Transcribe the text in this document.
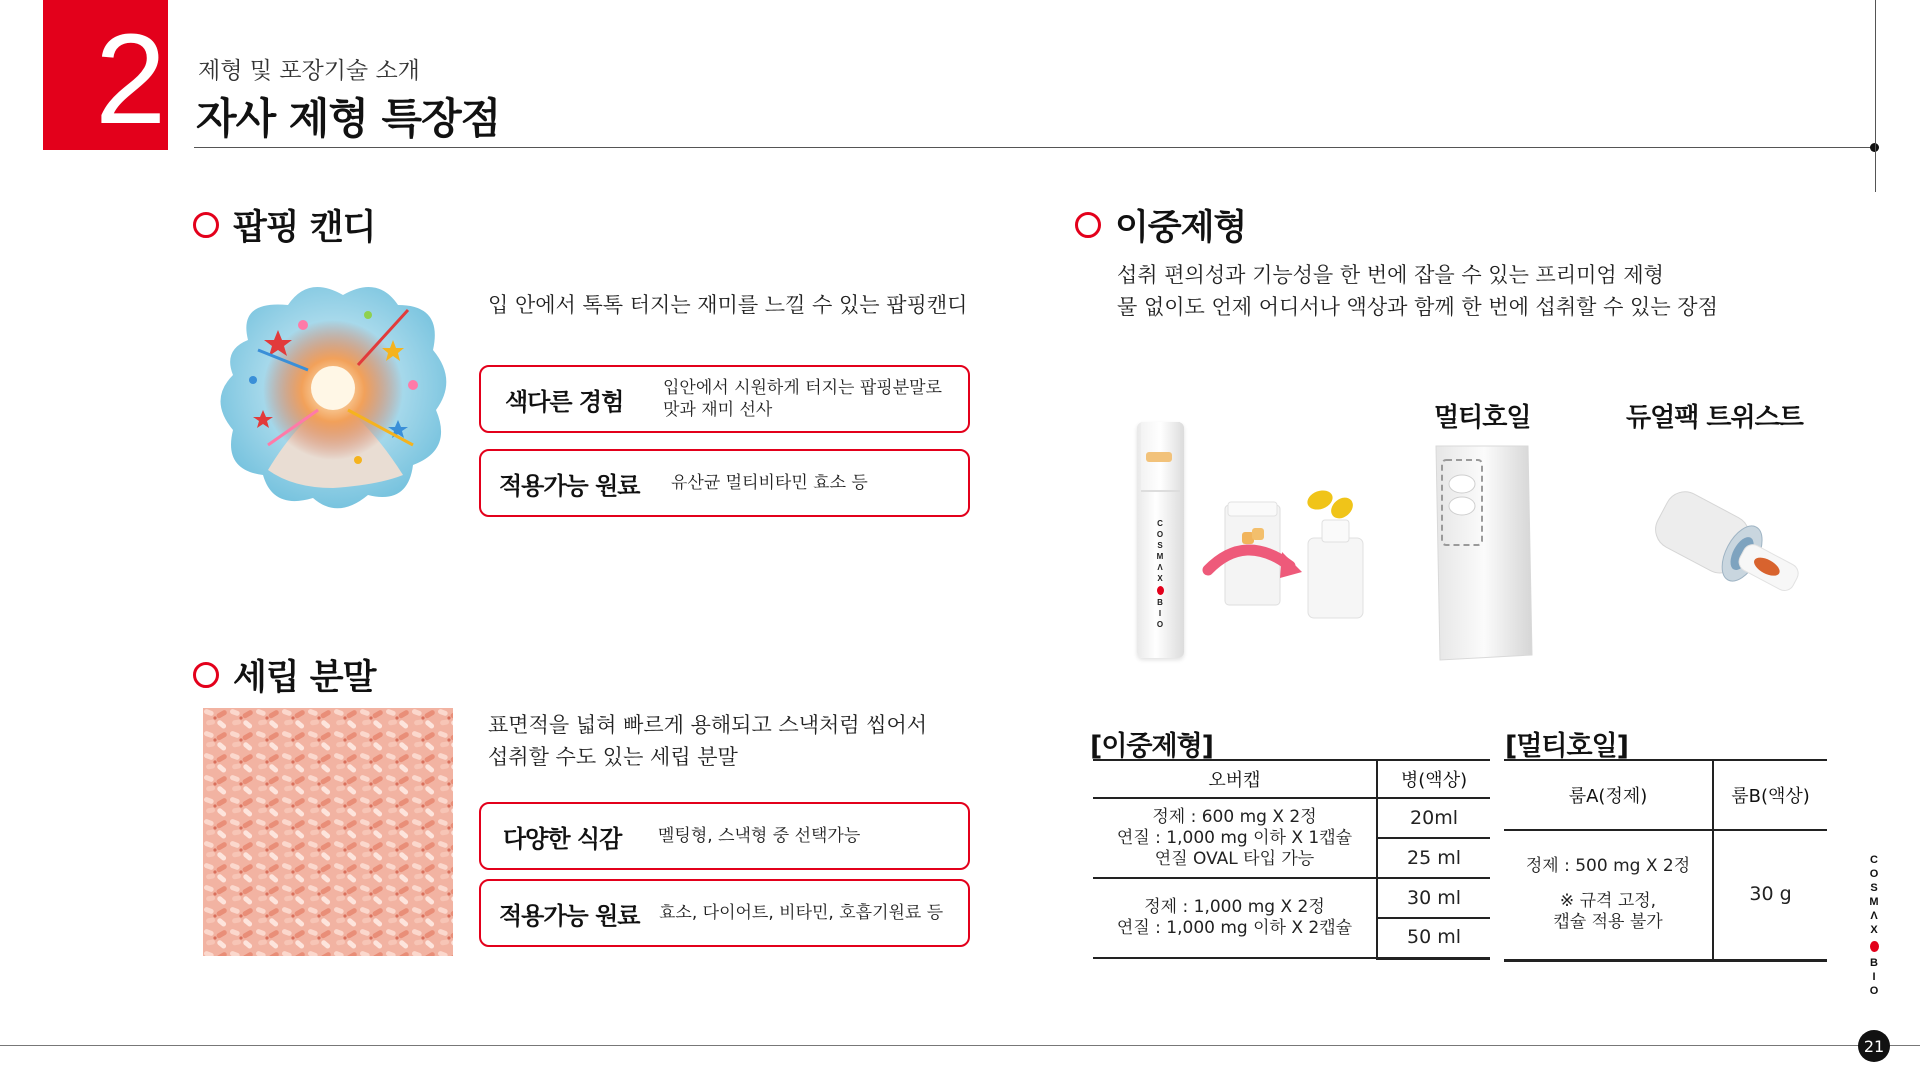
2 제형 및 포장기술 소개
자사 제형 특장점
팝핑 캔디
입 안에서 톡톡 터지는 재미를 느낄 수 있는 팝핑캔디
색다른 경험	입안에서 시원하게 터지는 팝핑분말로
맛과 재미 선사
적용가능 원료	유산균 멀티비타민 효소 등
세립 분말
표면적을 넓혀 빠르게 용해되고 스낵처럼 씹어서
섭취할 수도 있는 세립 분말
다양한 식감	멜팅형, 스낵형 중 선택가능
적용가능 원료	효소, 다이어트, 비타민, 호흡기원료 등
이중제형
섭취 편의성과 기능성을 한 번에 잡을 수 있는 프리미엄 제형
물 없이도 언제 어디서나 액상과 함께 한 번에 섭취할 수 있는 장점
멀티호일	듀얼팩 트위스트
C
O
S
M
Λ
X
B
I
O
[이중제형]
오버캡	병(액상)

정제 : 600 mg X 2정
연질 : 1,000 mg 이하 X 1캡슐
연질 OVAL 타입 가능	20ml
	25 ml

정제 : 1,000 mg X 2정
연질 : 1,000 mg 이하 X 2캡슐	30 ml
	50 ml
[멀티호일]
룸A(정제)	룸B(액상)

정제 : 500 mg X 2정
※ 규격 고정,
캡슐 적용 불가	30 g
C
O
S
M
Λ
X
B
I
O
21
